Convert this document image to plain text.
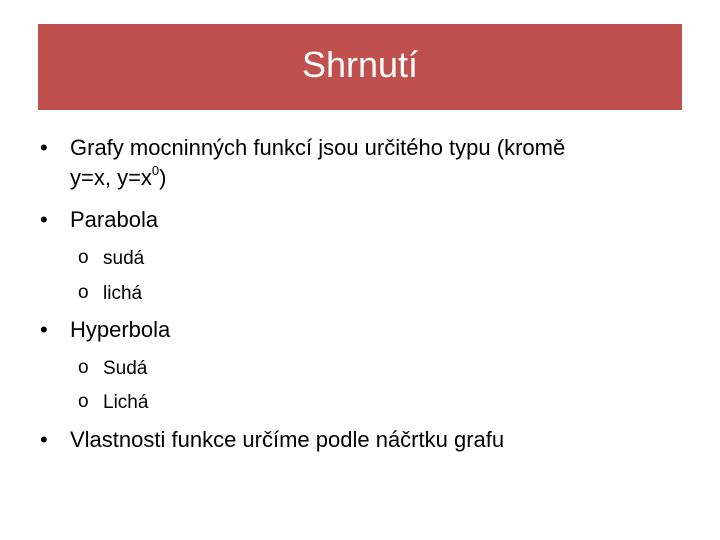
Shrnutí
• Grafy mocninných funkcí jsou určitého typu (kromě
y=x, $y=x^0$)
• Parabola
o sudá
o lichá
• Hyperbola
o Sudá
o Lichá
• Vlastnosti funkce určíme podle náčrtku grafu
